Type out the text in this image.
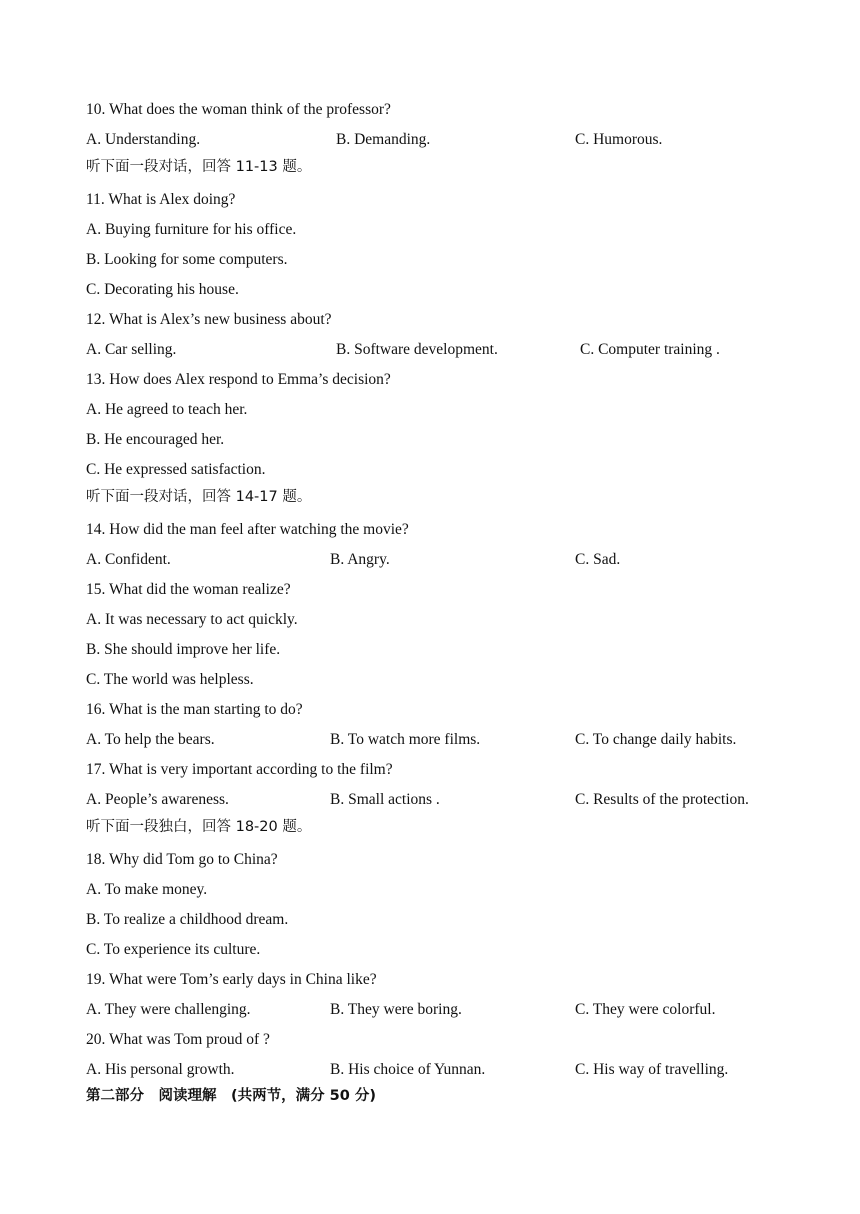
10. What does the woman think of the professor?
A. Understanding.	B. Demanding.	C. Humorous.
听下面一段对话，回答 11-13 题。
11. What is Alex doing?
A. Buying furniture for his office.
B. Looking for some computers.
C. Decorating his house.
12. What is Alex’s new business about?
A. Car selling.	B. Software development.	C. Computer training .
13. How does Alex respond to Emma’s decision?
A. He agreed to teach her.
B. He encouraged her.
C. He expressed satisfaction.
听下面一段对话，回答 14-17 题。
14. How did the man feel after watching the movie?
A. Confident.	B. Angry.	C. Sad.
15. What did the woman realize?
A. It was necessary to act quickly.
B. She should improve her life.
C. The world was helpless.
16. What is the man starting to do?
A. To help the bears.	B. To watch more films.	C. To change daily habits.
17. What is very important according to the film?
A. People’s awareness.	B. Small actions .	C. Results of the protection.
听下面一段独白，回答 18-20 题。
18. Why did Tom go to China?
A. To make money.
B. To realize a childhood dream.
C. To experience its culture.
19. What were Tom’s early days in China like?
A. They were challenging.	B. They were boring.	C. They were colorful.
20. What was Tom proud of ?
A. His personal growth.	B. His choice of Yunnan.	C. His way of travelling.
第二部分　阅读理解　(共两节，满分 50 分)
